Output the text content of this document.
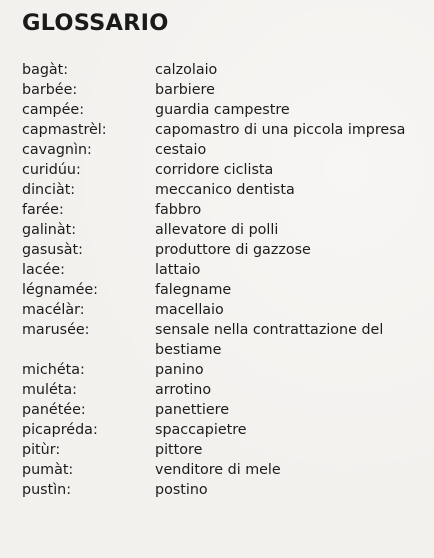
GLOSSARIO
bagàt:	calzolaio
barbée:	barbiere
campée:	guardia campestre
capmastrèl:	capomastro di una piccola impresa
cavagnìn:	cestaio
curidúu:	corridore ciclista
dinciàt:	meccanico dentista
farée:	fabbro
galinàt:	allevatore di polli
gasusàt:	produttore di gazzose
lacée:	lattaio
légnamée:	falegname
macélàr:	macellaio
marusée:	sensale nella contrattazione del bestiame
michéta:	panino
muléta:	arrotino
panétée:	panettiere
picapréda:	spaccapietre
pitùr:	pittore
pumàt:	venditore di mele
pustìn:	postino
